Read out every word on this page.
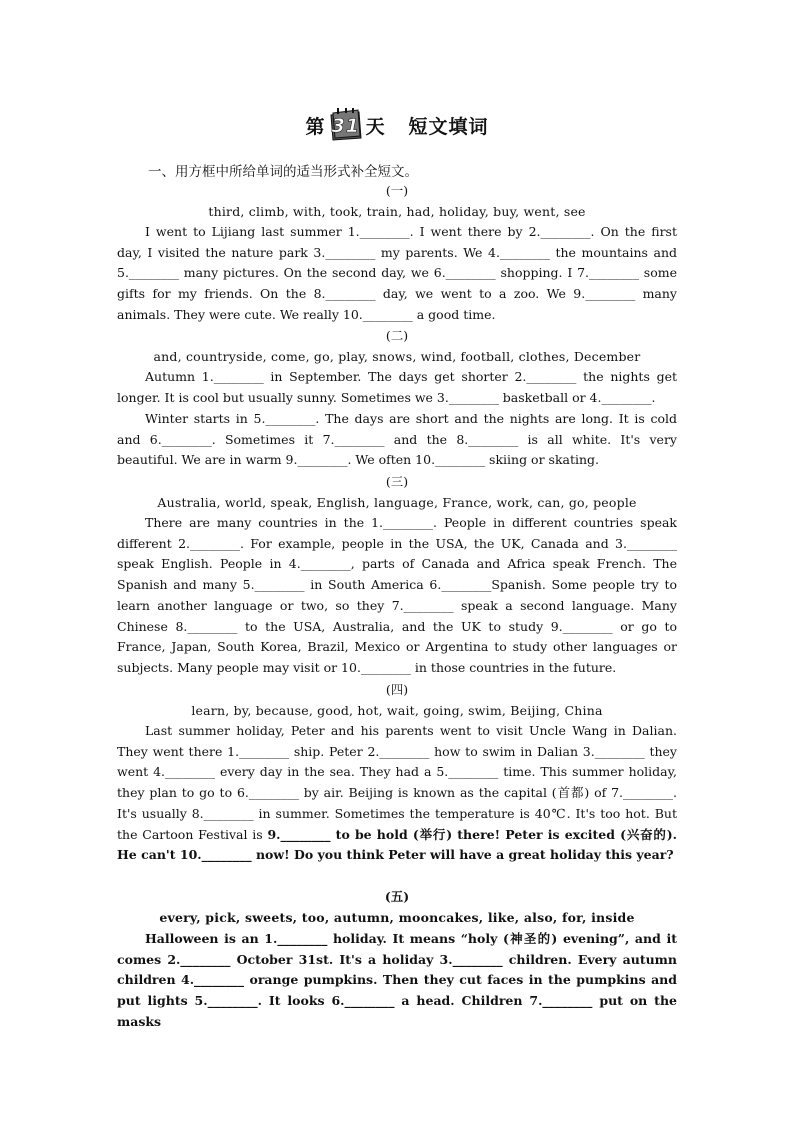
第 31 天 短文填词
一、用方框中所给单词的适当形式补全短文。
(一)
third, climb, with, took, train, had, holiday, buy, went, see
I went to Lijiang last summer 1.________. I went there by 2.________. On the first day, I visited the nature park 3.________ my parents. We 4.________ the mountains and 5.________ many pictures. On the second day, we 6.________ shopping. I 7.________ some gifts for my friends. On the 8.________ day, we went to a zoo. We 9.________ many animals. They were cute. We really 10.________ a good time.
(二)
and, countryside, come, go, play, snows, wind, football, clothes, December
Autumn 1.________ in September. The days get shorter 2.________ the nights get longer. It is cool but usually sunny. Sometimes we 3.________ basketball or 4.________.
Winter starts in 5.________. The days are short and the nights are long. It is cold and 6.________. Sometimes it 7.________ and the 8.________ is all white. It's very beautiful. We are in warm 9.________. We often 10.________ skiing or skating.
(三)
Australia, world, speak, English, language, France, work, can, go, people
There are many countries in the 1.________. People in different countries speak different 2.________. For example, people in the USA, the UK, Canada and 3.________ speak English. People in 4.________, parts of Canada and Africa speak French. The Spanish and many 5.________ in South America 6.________Spanish. Some people try to learn another language or two, so they 7.________ speak a second language. Many Chinese 8.________ to the USA, Australia, and the UK to study 9.________ or go to France, Japan, South Korea, Brazil, Mexico or Argentina to study other languages or subjects. Many people may visit or 10.________ in those countries in the future.
(四)
learn, by, because, good, hot, wait, going, swim, Beijing, China
Last summer holiday, Peter and his parents went to visit Uncle Wang in Dalian. They went there 1.________ ship. Peter 2.________ how to swim in Dalian 3.________ they went 4.________ every day in the sea. They had a 5.________ time. This summer holiday, they plan to go to 6.________ by air. Beijing is known as the capital (首都) of 7.________. It's usually 8.________ in summer. Sometimes the temperature is 40℃. It's too hot. But the Cartoon Festival is 9.________ to be hold (举行) there! Peter is excited (兴奋的). He can't 10.________ now! Do you think Peter will have a great holiday this year?
(五)
every, pick, sweets, too, autumn, mooncakes, like, also, for, inside
Halloween is an 1.________ holiday. It means “holy (神圣的) evening”, and it comes 2.________ October 31st. It's a holiday 3.________ children. Every autumn children 4.________ orange pumpkins. Then they cut faces in the pumpkins and put lights 5.________. It looks 6.________ a head. Children 7.________ put on the masks
